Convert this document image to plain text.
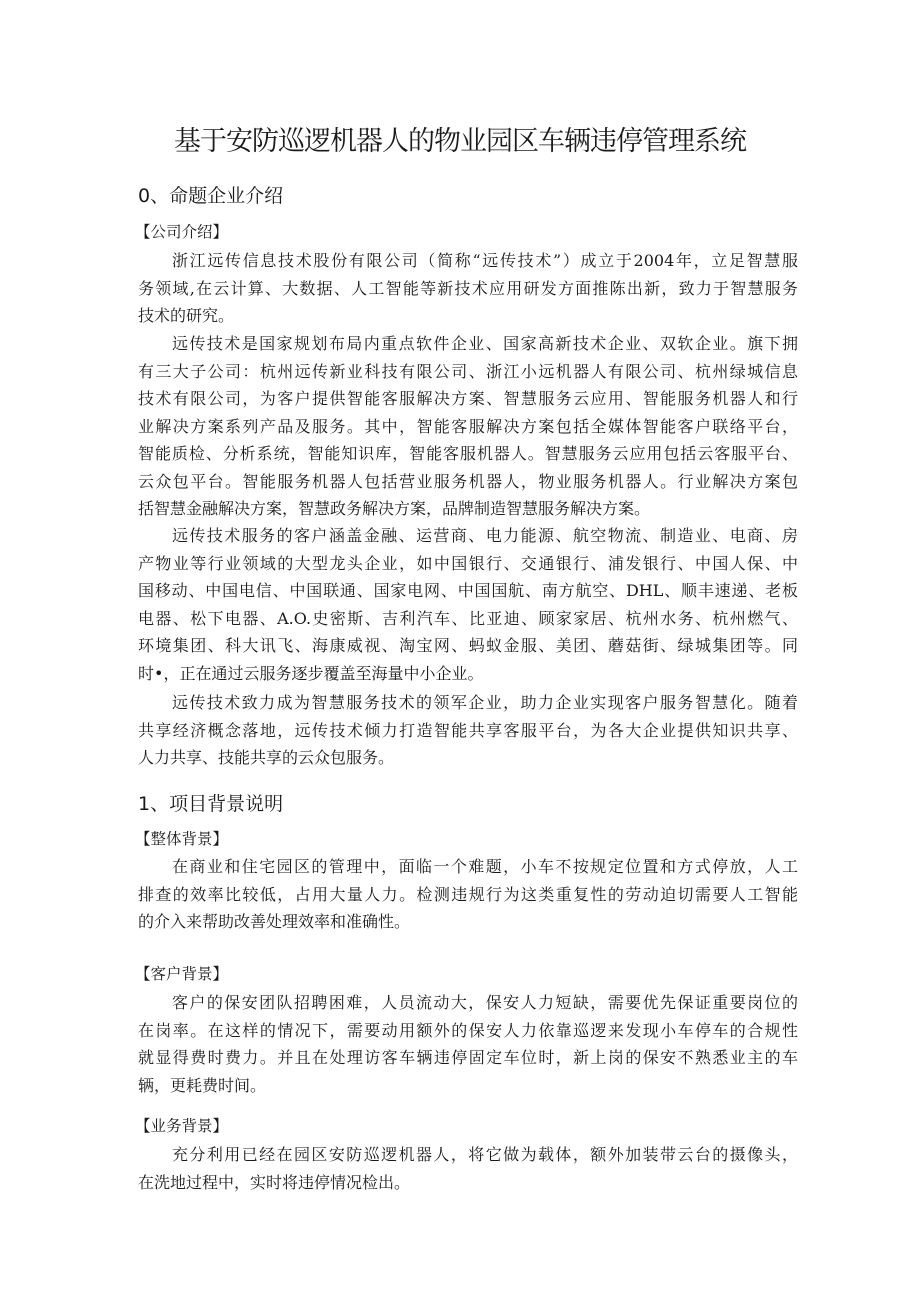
基于安防巡逻机器人的物业园区车辆违停管理系统
0、命题企业介绍
【公司介绍】
浙江远传信息技术股份有限公司（简称“远传技术”）成立于2004年，立足智慧服
务领域,在云计算、大数据、人工智能等新技术应用研发方面推陈出新，致力于智慧服务
技术的研究。
远传技术是国家规划布局内重点软件企业、国家高新技术企业、双软企业。旗下拥
有三大子公司：杭州远传新业科技有限公司、浙江小远机器人有限公司、杭州绿城信息
技术有限公司，为客户提供智能客服解决方案、智慧服务云应用、智能服务机器人和行
业解决方案系列产品及服务。其中，智能客服解决方案包括全媒体智能客户联络平台，
智能质检、分析系统，智能知识库，智能客服机器人。智慧服务云应用包括云客服平台、
云众包平台。智能服务机器人包括营业服务机器人，物业服务机器人。行业解决方案包
括智慧金融解决方案，智慧政务解决方案，品牌制造智慧服务解决方案。
远传技术服务的客户涵盖金融、运营商、电力能源、航空物流、制造业、电商、房
产物业等行业领域的大型龙头企业，如中国银行、交通银行、浦发银行、中国人保、中
国移动、中国电信、中国联通、国家电网、中国国航、南方航空、DHL、顺丰速递、老板
电器、松下电器、A.O.史密斯、吉利汽车、比亚迪、顾家家居、杭州水务、杭州燃气、
环境集团、科大讯飞、海康威视、淘宝网、蚂蚁金服、美团、蘑菇街、绿城集团等。同
时•，正在通过云服务逐步覆盖至海量中小企业。
远传技术致力成为智慧服务技术的领军企业，助力企业实现客户服务智慧化。随着
共享经济概念落地，远传技术倾力打造智能共享客服平台，为各大企业提供知识共享、
人力共享、技能共享的云众包服务。
1、项目背景说明
【整体背景】
在商业和住宅园区的管理中，面临一个难题，小车不按规定位置和方式停放，人工
排查的效率比较低，占用大量人力。检测违规行为这类重复性的劳动迫切需要人工智能
的介入来帮助改善处理效率和准确性。
【客户背景】
客户的保安团队招聘困难，人员流动大，保安人力短缺，需要优先保证重要岗位的
在岗率。在这样的情况下，需要动用额外的保安人力依靠巡逻来发现小车停车的合规性
就显得费时费力。并且在处理访客车辆违停固定车位时，新上岗的保安不熟悉业主的车
辆，更耗费时间。
【业务背景】
充分利用已经在园区安防巡逻机器人，将它做为载体，额外加装带云台的摄像头，
在洗地过程中，实时将违停情况检出。
